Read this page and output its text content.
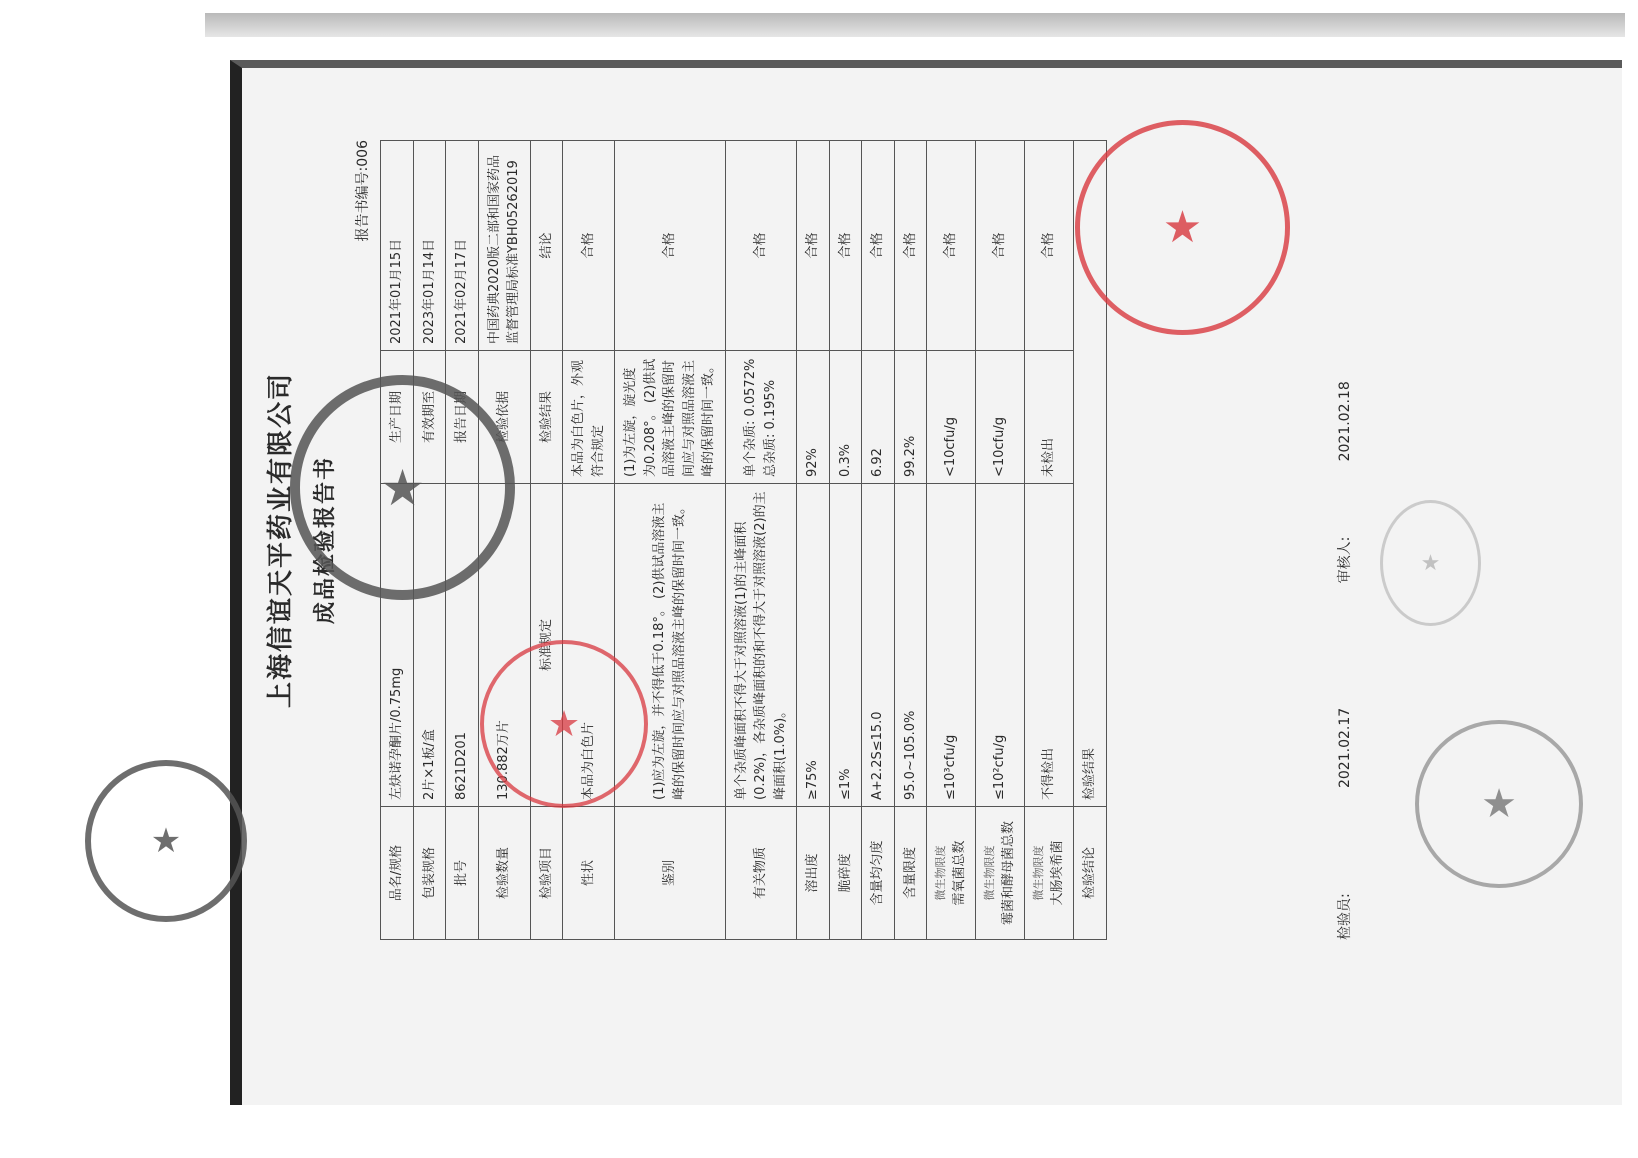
上海信谊天平药业有限公司 成品检验报告书
报告书编号:006
品名/规格	左炔诺孕酮片/0.75mg	生产日期	2021年01月15日
包装规格	2片×1板/盒	有效期至	2023年01月14日
批号	8621D201	报告日期	2021年02月17日
检验数量	130.882万片	检验依据	中国药典2020版二部和国家药品监督管理局标准YBH05262019
检验项目	标准规定	检验结果	结论
性状	本品为白色片	本品为白色片，外观符合规定	合格
鉴别	(1)应为左旋，并不得低于0.18°。 (2)供试品溶液主峰的保留时间应与对照品溶液主峰的保留时间一致。	(1)为左旋，旋光度为0.208°。 (2)供试品溶液主峰的保留时间应与对照品溶液主峰的保留时间一致。	合格
有关物质	单个杂质峰面积不得大于对照溶液(1)的主峰面积(0.2%)，各杂质峰面积的和不得大于对照溶液(2)的主峰面积(1.0%)。	单个杂质: 0.0572% 总杂质: 0.195%	合格
溶出度	≥75%	92%	合格
脆碎度	≤1%	0.3%	合格
含量均匀度	A+2.2S≤15.0	6.92	合格
含量限度	95.0~105.0%	99.2%	合格

微生物限度 需氧菌总数	≤10³cfu/g	<10cfu/g	合格

微生物限度 霉菌和酵母菌总数	≤10²cfu/g	<10cfu/g	合格

微生物限度 大肠埃希菌	不得检出	未检出	合格
检验结论	检验结果		
检验员:   2021.02.17 审核人:   2021.02.18
★
★
★
★
★
★
